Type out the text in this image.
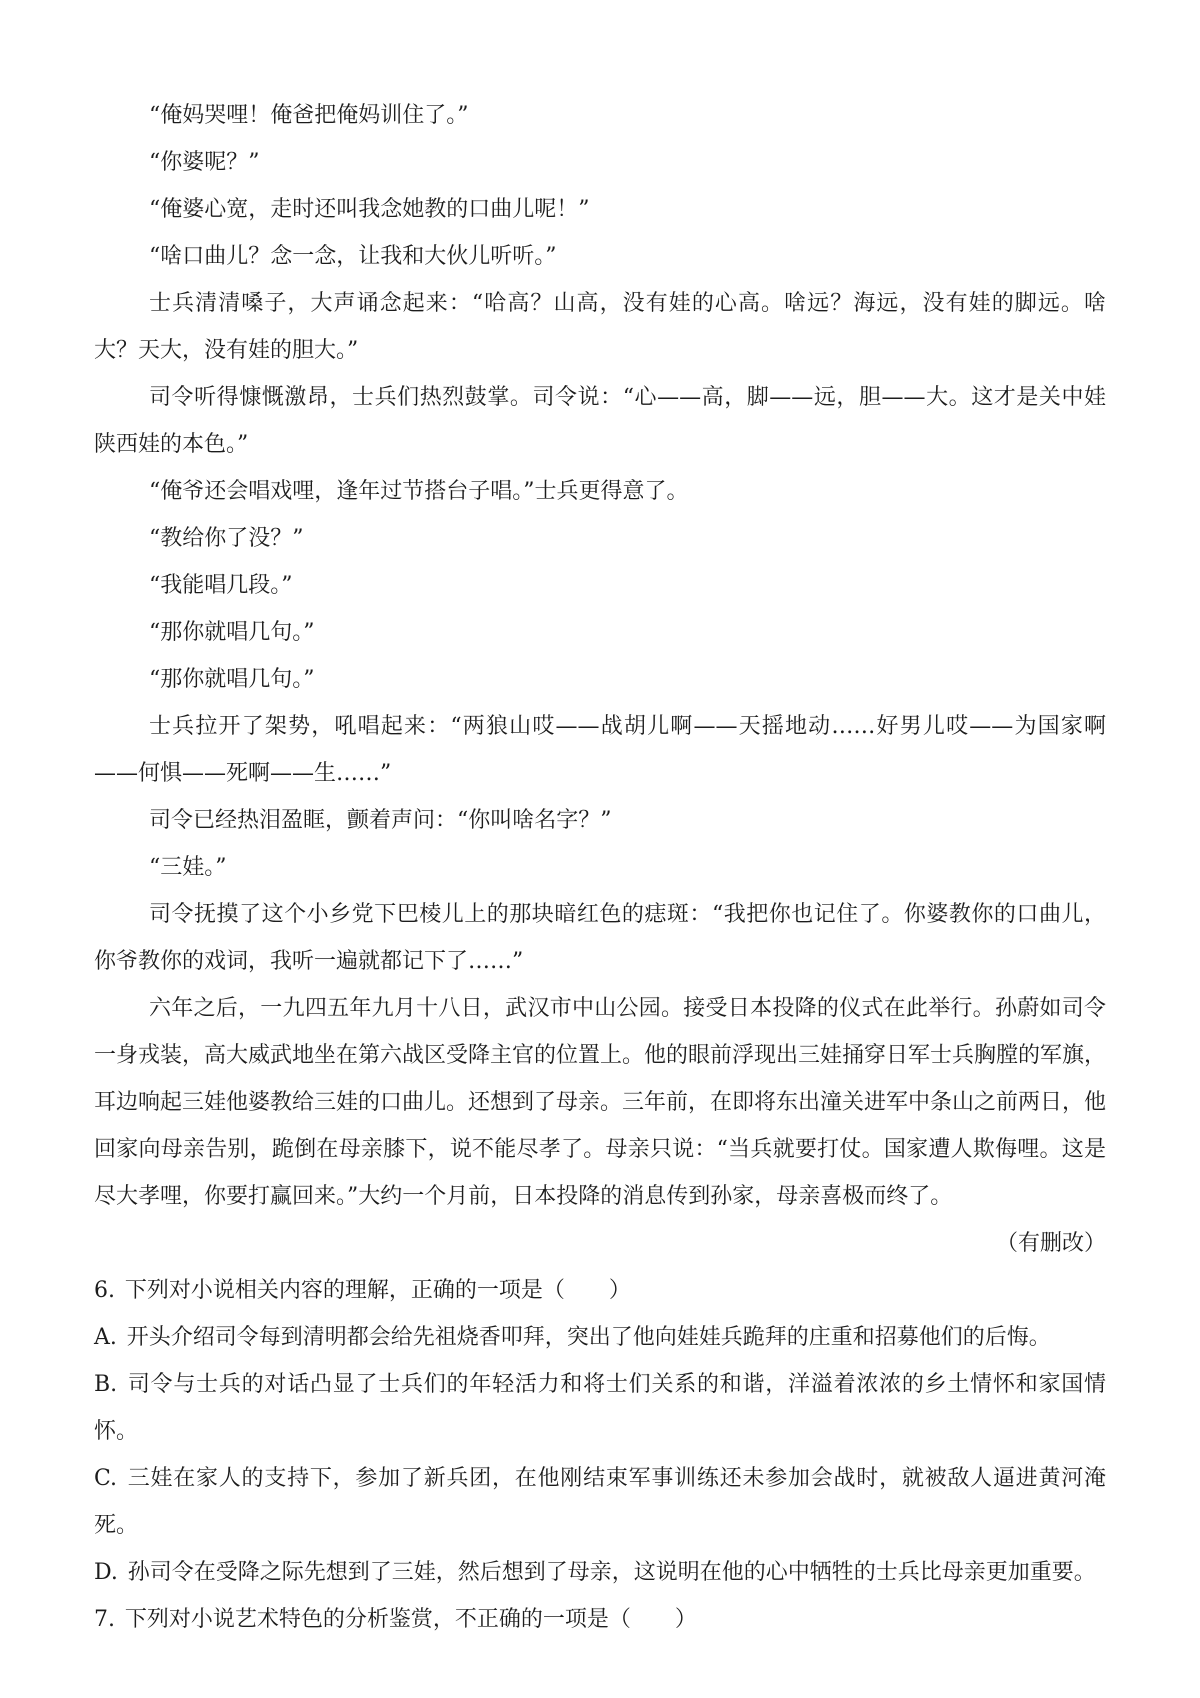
“俺妈哭哩！俺爸把俺妈训住了。”

“你婆呢？”

“俺婆心宽，走时还叫我念她教的口曲儿呢！”

“啥口曲儿？念一念，让我和大伙儿听听。”

士兵清清嗓子，大声诵念起来：“哈高？山高，没有娃的心高。啥远？海远，没有娃的脚远。啥大？天大，没有娃的胆大。”

司令听得慷慨激昂，士兵们热烈鼓掌。司令说：“心——高，脚——远，胆——大。这才是关中娃陕西娃的本色。”

“俺爷还会唱戏哩，逢年过节搭台子唱。”士兵更得意了。

“教给你了没？”

“我能唱几段。”

“那你就唱几句。”

“那你就唱几句。”

士兵拉开了架势，吼唱起来：“两狼山哎——战胡儿啊——天摇地动……好男儿哎——为国家啊——何惧——死啊——生……”

司令已经热泪盈眶，颤着声问：“你叫啥名字？”

“三娃。”

司令抚摸了这个小乡党下巴棱儿上的那块暗红色的痣斑：“我把你也记住了。你婆教你的口曲儿，你爷教你的戏词，我听一遍就都记下了……”

六年之后，一九四五年九月十八日，武汉市中山公园。接受日本投降的仪式在此举行。孙蔚如司令一身戎装，高大威武地坐在第六战区受降主官的位置上。他的眼前浮现出三娃捅穿日军士兵胸膛的军旗，耳边响起三娃他婆教给三娃的口曲儿。还想到了母亲。三年前，在即将东出潼关进军中条山之前两日，他回家向母亲告别，跪倒在母亲膝下，说不能尽孝了。母亲只说：“当兵就要打仗。国家遭人欺侮哩。这是尽大孝哩，你要打赢回来。”大约一个月前，日本投降的消息传到孙家，母亲喜极而终了。

（有删改）

6. 下列对小说相关内容的理解，正确的一项是（　　）

A. 开头介绍司令每到清明都会给先祖烧香叩拜，突出了他向娃娃兵跪拜的庄重和招募他们的后悔。

B. 司令与士兵的对话凸显了士兵们的年轻活力和将士们关系的和谐，洋溢着浓浓的乡土情怀和家国情怀。

C. 三娃在家人的支持下，参加了新兵团，在他刚结束军事训练还未参加会战时，就被敌人逼进黄河淹死。

D. 孙司令在受降之际先想到了三娃，然后想到了母亲，这说明在他的心中牺牲的士兵比母亲更加重要。

7. 下列对小说艺术特色的分析鉴赏，不正确的一项是（　　）
